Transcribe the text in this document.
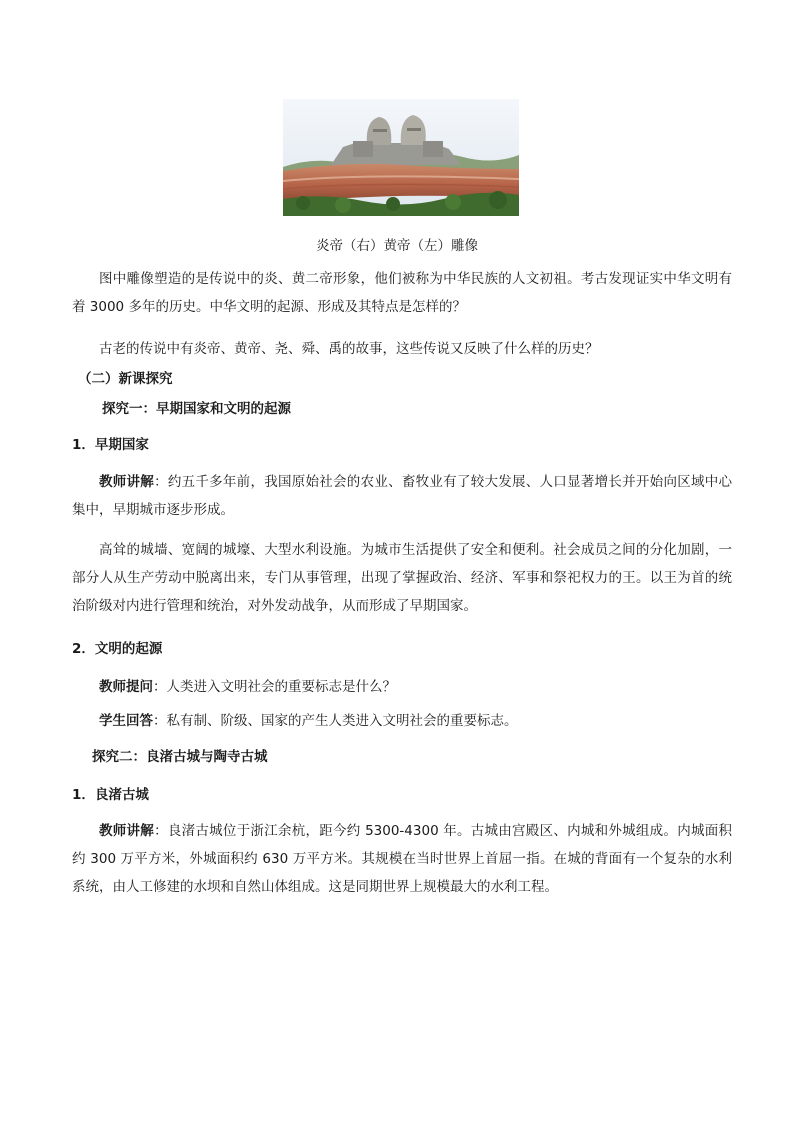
炎帝（右）黄帝（左）雕像

图中雕像塑造的是传说中的炎、黄二帝形象，他们被称为中华民族的人文初祖。考古发现证实中华文明有着 3000 多年的历史。中华文明的起源、形成及其特点是怎样的？

古老的传说中有炎帝、黄帝、尧、舜、禹的故事，这些传说又反映了什么样的历史？

（二）新课探究

探究一：早期国家和文明的起源

1．早期国家

教师讲解：约五千多年前，我国原始社会的农业、畜牧业有了较大发展、人口显著增长并开始向区域中心集中，早期城市逐步形成。

高耸的城墙、宽阔的城壕、大型水利设施。为城市生活提供了安全和便利。社会成员之间的分化加剧，一部分人从生产劳动中脱离出来，专门从事管理，出现了掌握政治、经济、军事和祭祀权力的王。以王为首的统治阶级对内进行管理和统治，对外发动战争，从而形成了早期国家。

2．文明的起源

教师提问：人类进入文明社会的重要标志是什么？

学生回答：私有制、阶级、国家的产生人类进入文明社会的重要标志。

探究二：良渚古城与陶寺古城

1．良渚古城

教师讲解：良渚古城位于浙江余杭，距今约 5300-4300 年。古城由宫殿区、内城和外城组成。内城面积约 300 万平方米，外城面积约 630 万平方米。其规模在当时世界上首屈一指。在城的背面有一个复杂的水利系统，由人工修建的水坝和自然山体组成。这是同期世界上规模最大的水利工程。
